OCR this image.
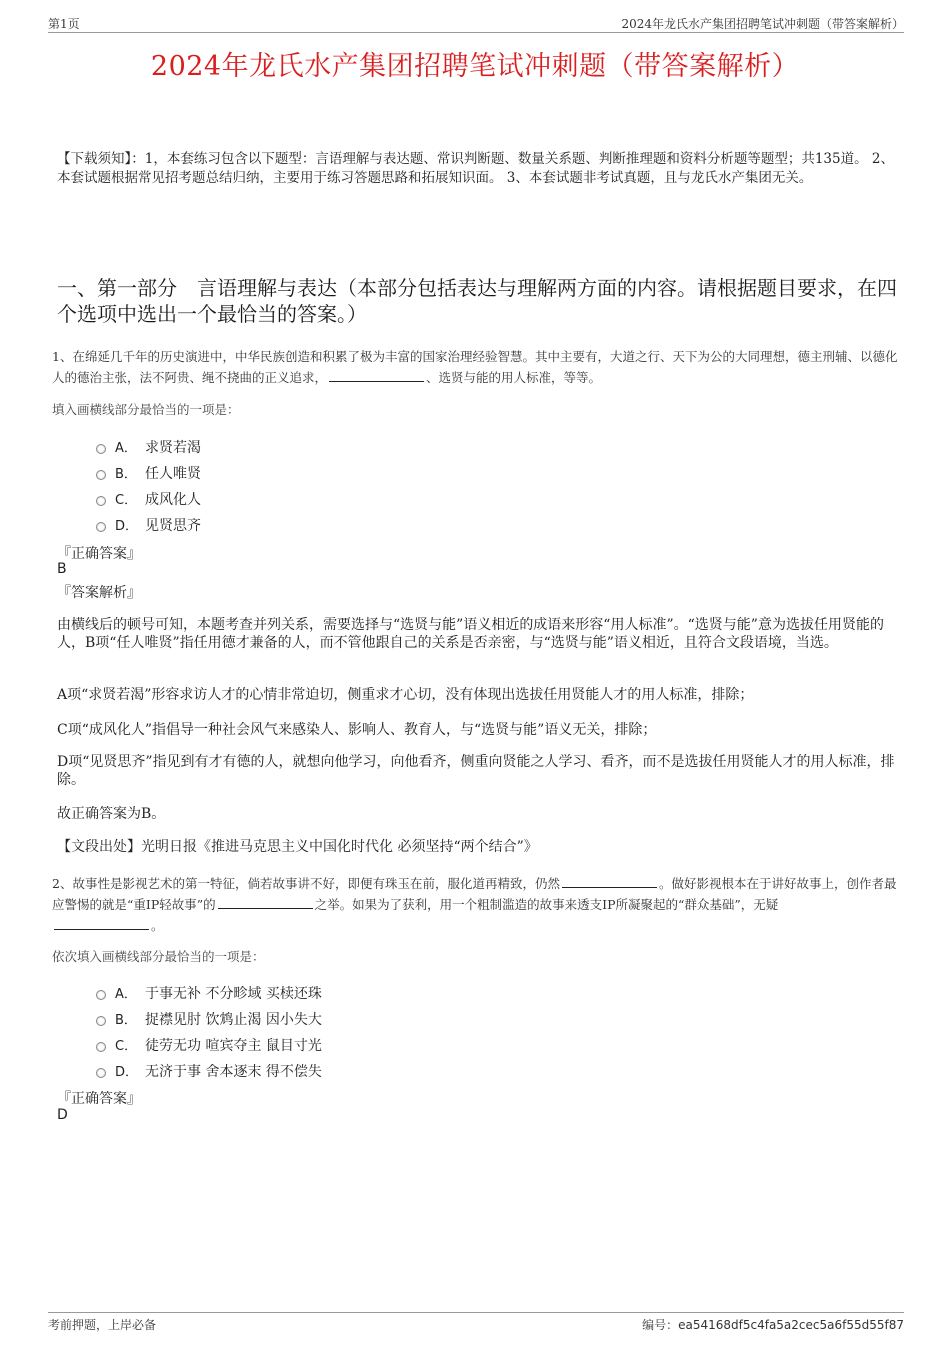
第1页	2024年龙氏水产集团招聘笔试冲刺题（带答案解析）
2024年龙氏水产集团招聘笔试冲刺题（带答案解析）
【下载须知】：1，本套练习包含以下题型：言语理解与表达题、常识判断题、数量关系题、判断推理题和资料分析题等题型；共135道。 2、本套试题根据常见招考题总结归纳，主要用于练习答题思路和拓展知识面。 3、本套试题非考试真题，且与龙氏水产集团无关。
一、第一部分　言语理解与表达（本部分包括表达与理解两方面的内容。请根据题目要求，在四个选项中选出一个最恰当的答案。）
1、在绵延几千年的历史演进中，中华民族创造和积累了极为丰富的国家治理经验智慧。其中主要有，大道之行、天下为公的大同理想，德主刑辅、以德化人的德治主张，法不阿贵、绳不挠曲的正义追求，	、选贤与能的用人标准，等等。
填入画横线部分最恰当的一项是：
A． 求贤若渴
B． 任人唯贤
C． 成风化人
D． 见贤思齐
『正确答案』
B
『答案解析』
由横线后的顿号可知，本题考查并列关系，需要选择与“选贤与能”语义相近的成语来形容“用人标准”。“选贤与能”意为选拔任用贤能的人，B项“任人唯贤”指任用德才兼备的人，而不管他跟自己的关系是否亲密，与“选贤与能”语义相近，且符合文段语境，当选。
A项“求贤若渴”形容求访人才的心情非常迫切，侧重求才心切，没有体现出选拔任用贤能人才的用人标准，排除；
C项“成风化人”指倡导一种社会风气来感染人、影响人、教育人，与“选贤与能”语义无关，排除；
D项“见贤思齐”指见到有才有德的人，就想向他学习，向他看齐，侧重向贤能之人学习、看齐，而不是选拔任用贤能人才的用人标准，排除。
故正确答案为B。
【文段出处】光明日报《推进马克思主义中国化时代化 必须坚持“两个结合”》
2、故事性是影视艺术的第一特征，倘若故事讲不好，即便有珠玉在前，服化道再精致，仍然	。做好影视根本在于讲好故事上，创作者最应警惕的就是“重IP轻故事”的	之举。如果为了获利，用一个粗制滥造的故事来透支IP所凝聚起的“群众基础”，无疑
。
依次填入画横线部分最恰当的一项是：
A． 于事无补 不分畛域 买椟还珠
B． 捉襟见肘 饮鸩止渴 因小失大
C． 徒劳无功 喧宾夺主 鼠目寸光
D． 无济于事 舍本逐末 得不偿失
『正确答案』
D
考前押题，上岸必备	编号：ea54168df5c4fa5a2cec5a6f55d55f87
